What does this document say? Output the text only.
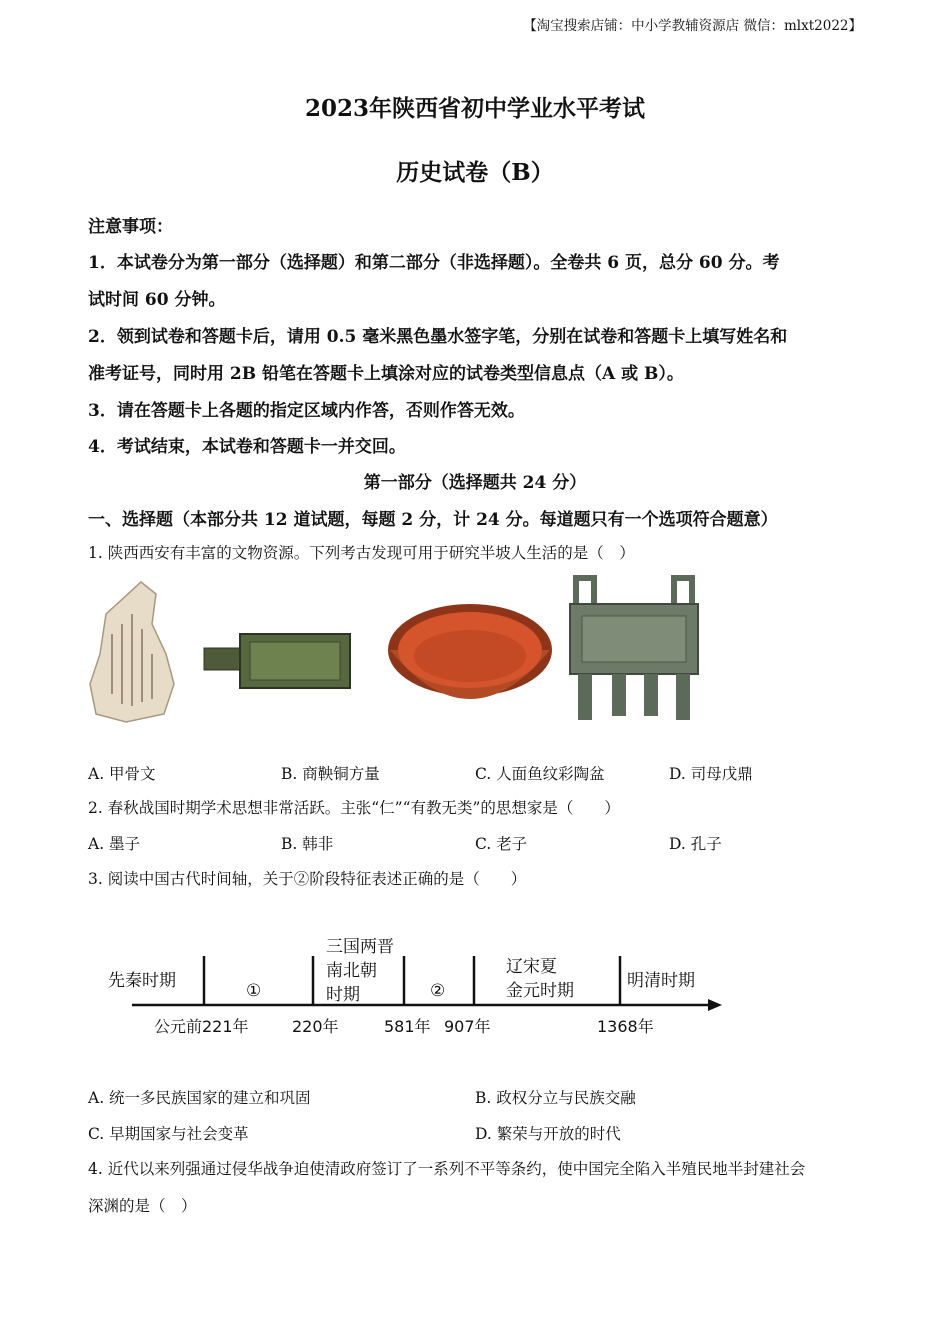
【淘宝搜索店铺：中小学教辅资源店 微信：mlxt2022】
2023年陕西省初中学业水平考试
历史试卷（B）
注意事项：
1．本试卷分为第一部分（选择题）和第二部分（非选择题）。全卷共 6 页，总分 60 分。考
试时间 60 分钟。
2．领到试卷和答题卡后，请用 0.5 毫米黑色墨水签字笔，分别在试卷和答题卡上填写姓名和
准考证号，同时用 2B 铅笔在答题卡上填涂对应的试卷类型信息点（A 或 B）。
3．请在答题卡上各题的指定区域内作答，否则作答无效。
4．考试结束，本试卷和答题卡一并交回。
第一部分（选择题共 24 分）
一、选择题（本部分共 12 道试题，每题 2 分，计 24 分。每道题只有一个选项符合题意）
1. 陕西西安有丰富的文物资源。下列考古发现可用于研究半坡人生活的是（　）
A. 甲骨文	B. 商鞅铜方量	C. 人面鱼纹彩陶盆	D. 司母戊鼎
2. 春秋战国时期学术思想非常活跃。主张“仁”“有教无类”的思想家是（　　）
A. 墨子	B. 韩非	C. 老子	D. 孔子
3. 阅读中国古代时间轴，关于②阶段特征表述正确的是（　　）
先秦时期	①
三国两晋
南北朝
时期	②
辽宋夏
金元时期	明清时期
公元前221年	220年	581年 907年	1368年
A. 统一多民族国家的建立和巩固	B. 政权分立与民族交融
C. 早期国家与社会变革	D. 繁荣与开放的时代
4. 近代以来列强通过侵华战争迫使清政府签订了一系列不平等条约，使中国完全陷入半殖民地半封建社会
深渊的是（　）
